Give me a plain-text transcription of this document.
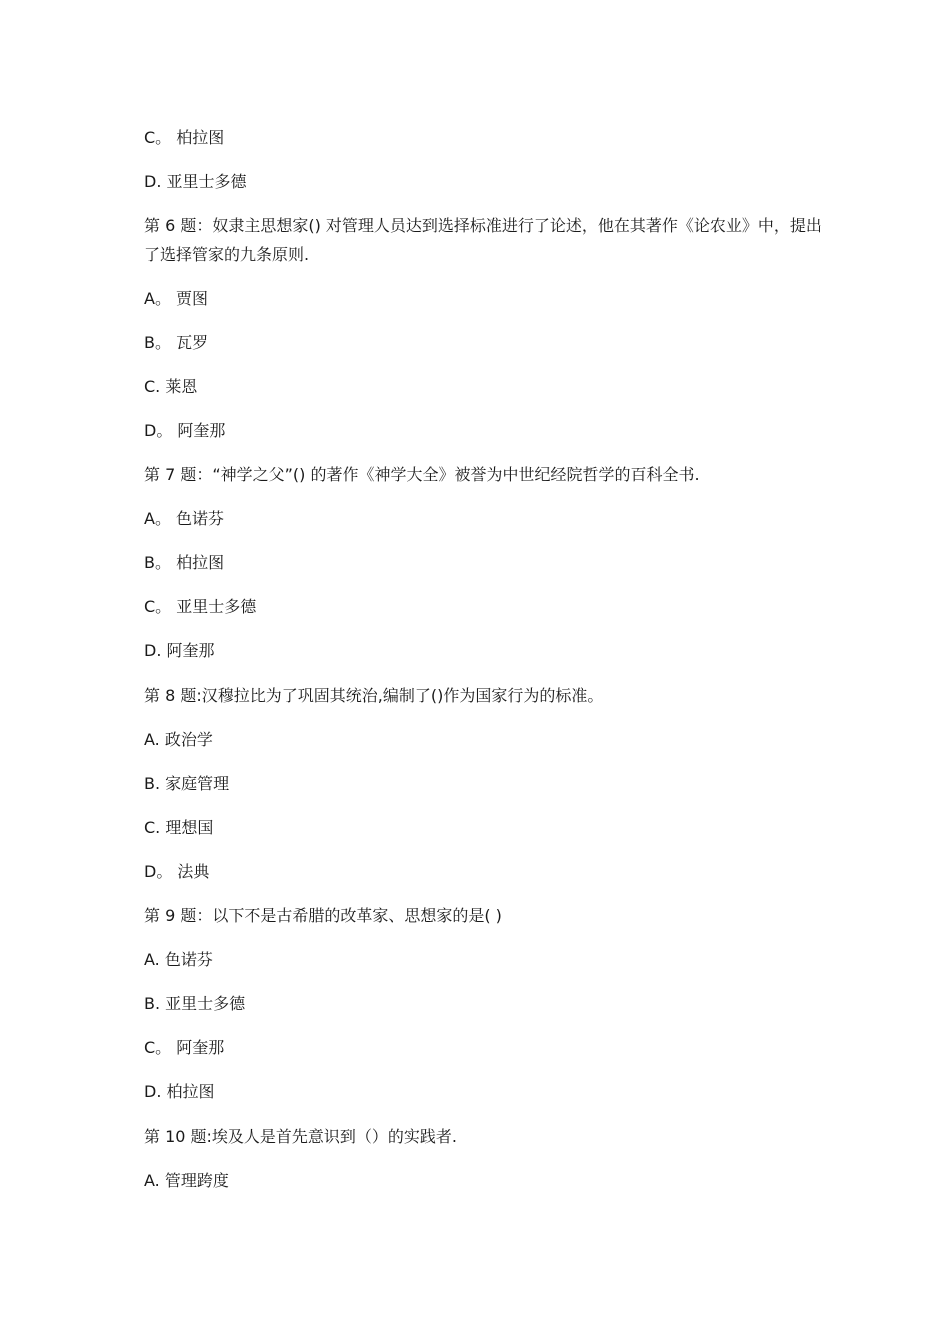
C。 柏拉图
D. 亚里士多德
第 6 题：奴隶主思想家() 对管理人员达到选择标准进行了论述，他在其著作《论农业》中，提出了选择管家的九条原则.
A。 贾图
B。 瓦罗
C. 莱恩
D。 阿奎那
第 7 题：“神学之父”() 的著作《神学大全》被誉为中世纪经院哲学的百科全书.
A。 色诺芬
B。 柏拉图
C。 亚里士多德
D. 阿奎那
第 8 题:汉穆拉比为了巩固其统治,编制了()作为国家行为的标准。
A. 政治学
B. 家庭管理
C. 理想国
D。 法典
第 9 题：以下不是古希腊的改革家、思想家的是( )
A. 色诺芬
B. 亚里士多德
C。 阿奎那
D. 柏拉图
第 10 题:埃及人是首先意识到（）的实践者.
A. 管理跨度
